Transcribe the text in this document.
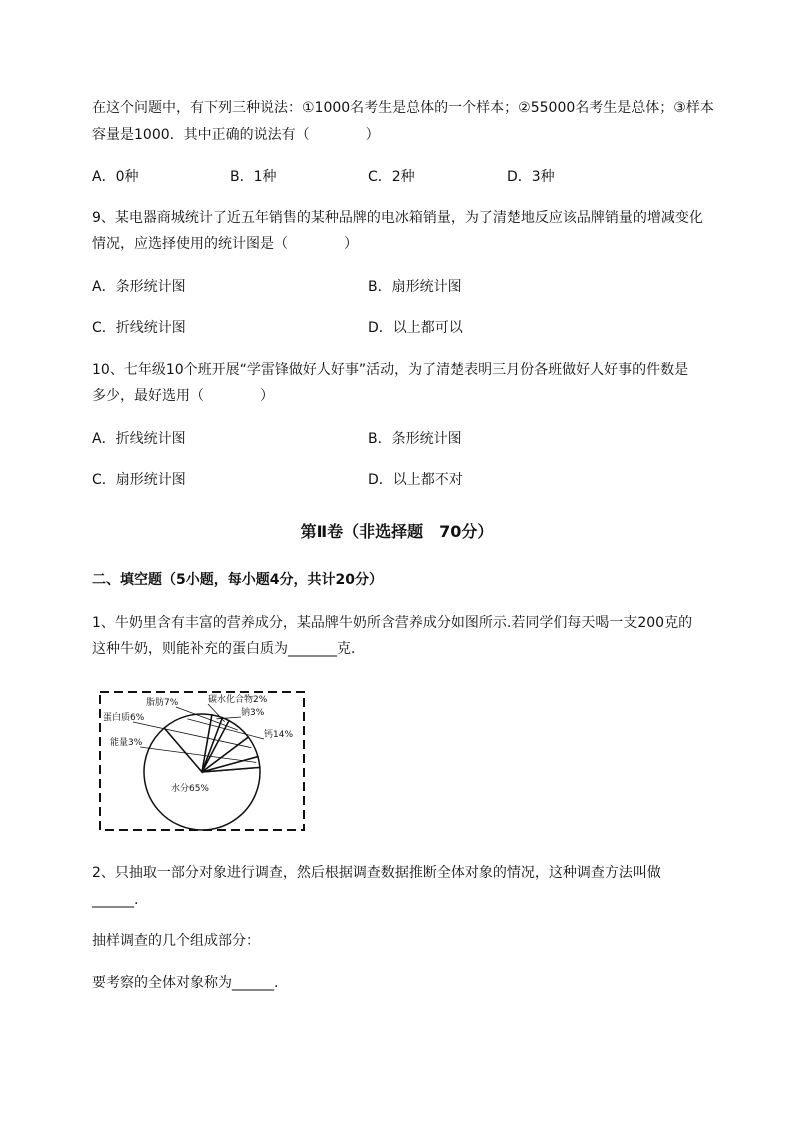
在这个问题中，有下列三种说法：①1000名考生是总体的一个样本；②55000名考生是总体；③样本
容量是1000．其中正确的说法有（　　　　）
A．0种	B．1种	C．2种	D．3种
9、某电器商城统计了近五年销售的某种品牌的电冰箱销量，为了清楚地反应该品牌销量的增减变化
情况，应选择使用的统计图是（　　　　）
A．条形统计图	B．扇形统计图
C．折线统计图	D．以上都可以
10、七年级10个班开展“学雷锋做好人好事”活动，为了清楚表明三月份各班做好人好事的件数是
多少，最好选用（　　　　）
A．折线统计图	B．条形统计图
C．扇形统计图	D．以上都不对
第Ⅱ卷（非选择题　70分）
二、填空题（5小题，每小题4分，共计20分）
1、牛奶里含有丰富的营养成分，某品牌牛奶所含营养成分如图所示.若同学们每天喝一支200克的
这种牛奶，则能补充的蛋白质为_______克．
水分65%
钙14%
钠3%
碳水化合物2%
脂肪7%
蛋白质6%
能量3%
2、只抽取一部分对象进行调查，然后根据调查数据推断全体对象的情况，这种调查方法叫做
______.
抽样调查的几个组成部分：
要考察的全体对象称为______.
